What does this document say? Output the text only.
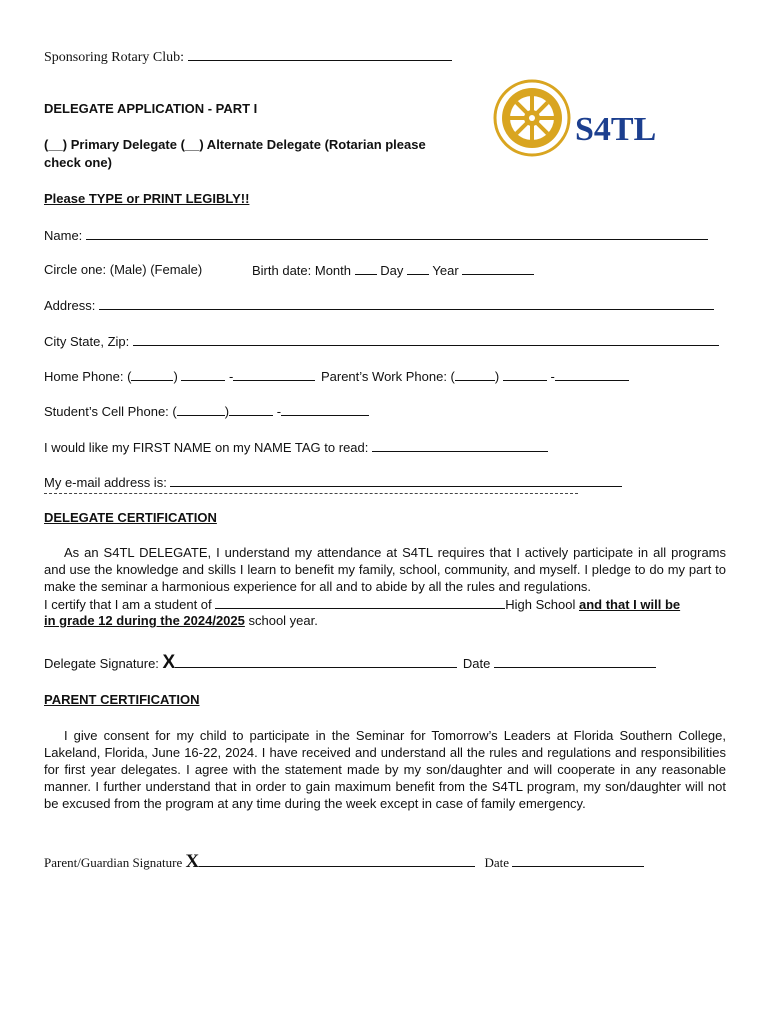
Sponsoring Rotary Club:
S4TL
DELEGATE APPLICATION - PART I
(__) Primary Delegate (__) Alternate Delegate (Rotarian please
check one)
Please TYPE or PRINT LEGIBLY!!
Name:
Circle one: (Male) (Female)	Birth date: Month Day Year
Address:
City State, Zip:
Home Phone: (	)	-	Parent’s Work Phone: (	)	-
Student’s Cell Phone: (	)	-
I would like my FIRST NAME on my NAME TAG to read:
My e-mail address is:
DELEGATE CERTIFICATION
As an S4TL DELEGATE, I understand my attendance at S4TL requires that I actively participate in all programs and use the knowledge and skills I learn to benefit my family, school, community, and myself. I pledge to do my part to make the seminar a harmonious experience for all and to abide by all the rules and regulations.
I certify that I am a student of	High School and that I will be
in grade 12 during the 2024/2025 school year.
Delegate Signature: X	Date
PARENT CERTIFICATION
I give consent for my child to participate in the Seminar for Tomorrow’s Leaders at Florida Southern College, Lakeland, Florida, June 16-22, 2024. I have received and understand all the rules and regulations and responsibilities for first year delegates. I agree with the statement made by my son/daughter and will cooperate in any reasonable manner. I further understand that in order to gain maximum benefit from the S4TL program, my son/daughter will not be excused from the program at any time during the week except in case of family emergency.
Parent/Guardian Signature X	Date
